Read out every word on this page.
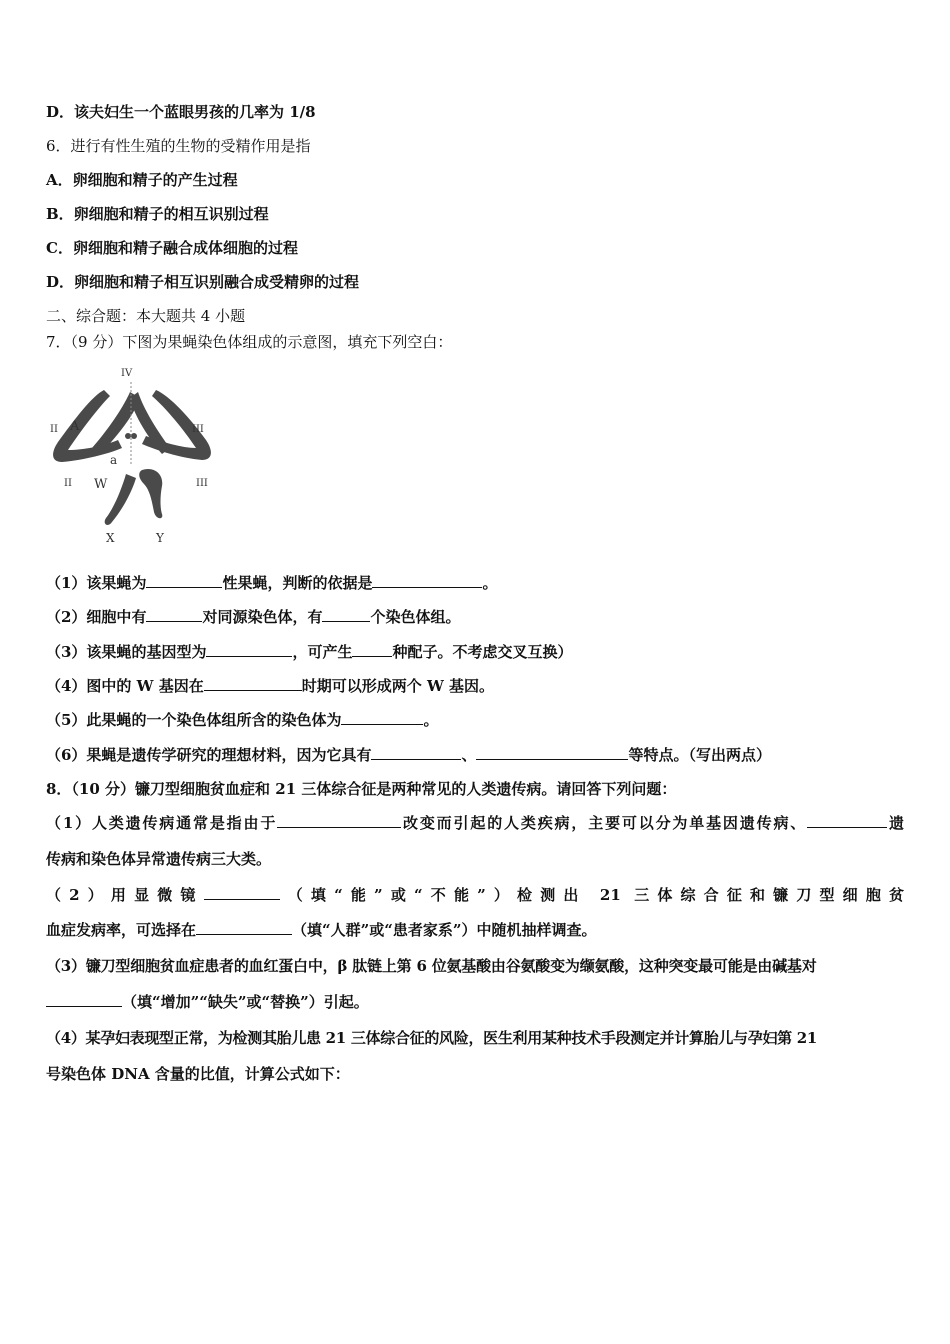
D．该夫妇生一个蓝眼男孩的几率为 1/8
6．进行有性生殖的生物的受精作用是指
A．卵细胞和精子的产生过程
B．卵细胞和精子的相互识别过程
C．卵细胞和精子融合成体细胞的过程
D．卵细胞和精子相互识别融合成受精卵的过程
二、综合题：本大题共 4 小题
7．（9 分）下图为果蝇染色体组成的示意图，填充下列空白：
IV
II	III
II	III
A
a
W
X	Y
（1）该果蝇为	性果蝇，判断的依据是	。
（2）细胞中有	对同源染色体，有	个染色体组。
（3）该果蝇的基因型为	，可产生	种配子。不考虑交叉互换）
（4）图中的 W 基因在	时期可以形成两个 W 基因。
（5）此果蝇的一个染色体组所含的染色体为	。
（6）果蝇是遗传学研究的理想材料，因为它具有	、	等特点。（写出两点）
8．（10 分）镰刀型细胞贫血症和 21 三体综合征是两种常见的人类遗传病。请回答下列问题：
（1）人类遗传病通常是指由于	改变而引起的人类疾病，主要可以分为单基因遗传病、	遗
传病和染色体异常遗传病三大类。
（2）用显微镜	（填“能”或“不能”）检测出 21 三体综合征和镰刀型细胞贫
血症发病率，可选择在	（填“人群”或“患者家系”）中随机抽样调查。
（3）镰刀型细胞贫血症患者的血红蛋白中，β 肽链上第 6 位氨基酸由谷氨酸变为缬氨酸，这种突变最可能是由碱基对
（填“增加”“缺失”或“替换”）引起。
（4）某孕妇表现型正常，为检测其胎儿患 21 三体综合征的风险，医生利用某种技术手段测定并计算胎儿与孕妇第 21
号染色体 DNA 含量的比值，计算公式如下：
